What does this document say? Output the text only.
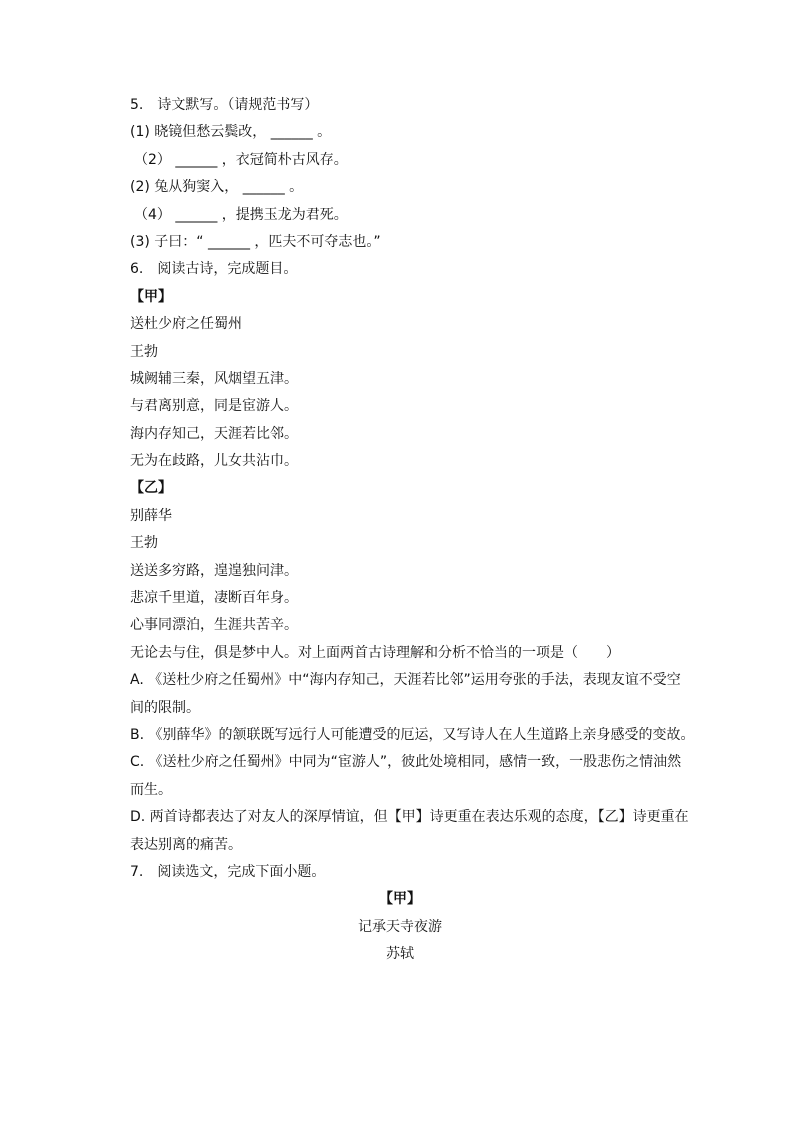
5.　诗文默写。（请规范书写）
(1) 晓镜但愁云鬓改， ______ 。
（2） ______ ，衣冠简朴古风存。
(2) 兔从狗窦入， ______ 。
（4） ______ ，提携玉龙为君死。
(3) 子曰：“ ______ ，匹夫不可夺志也。”
6.　阅读古诗，完成题目。
【甲】
送杜少府之任蜀州
王勃
城阙辅三秦，风烟望五津。
与君离别意，同是宦游人。
海内存知己，天涯若比邻。
无为在歧路，儿女共沾巾。
【乙】
别薛华
王勃
送送多穷路，遑遑独问津。
悲凉千里道，凄断百年身。
心事同漂泊，生涯共苦辛。
无论去与住，俱是梦中人。对上面两首古诗理解和分析不恰当的一项是（　　）
A. 《送杜少府之任蜀州》中“海内存知己，天涯若比邻”运用夸张的手法，表现友谊不受空
间的限制。
B. 《别薛华》的颔联既写远行人可能遭受的厄运，又写诗人在人生道路上亲身感受的变故。
C. 《送杜少府之任蜀州》中同为“宦游人”，彼此处境相同，感情一致，一股悲伤之情油然
而生。
D. 两首诗都表达了对友人的深厚情谊，但【甲】诗更重在表达乐观的态度，【乙】诗更重在
表达别离的痛苦。
7.　阅读选文，完成下面小题。
【甲】
记承天寺夜游
苏轼
